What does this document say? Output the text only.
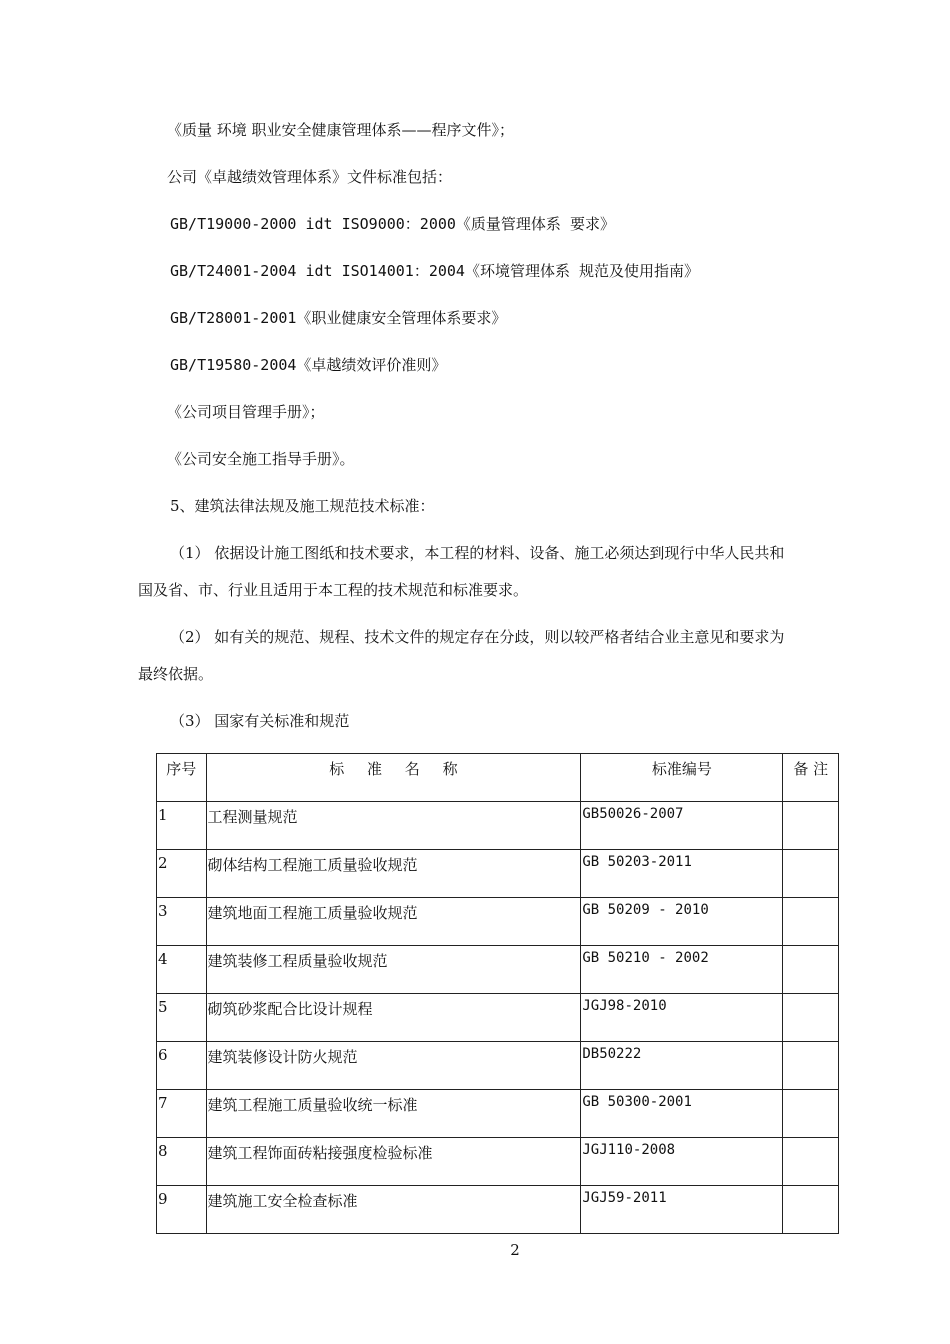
《质量 环境 职业安全健康管理体系——程序文件》；
公司《卓越绩效管理体系》文件标准包括：
GB/T19000-2000 idt ISO9000：2000《质量管理体系 要求》
GB/T24001-2004 idt ISO14001：2004《环境管理体系 规范及使用指南》
GB/T28001-2001《职业健康安全管理体系要求》
GB/T19580-2004《卓越绩效评价准则》
《公司项目管理手册》；
《公司安全施工指导手册》。
5、建筑法律法规及施工规范技术标准：
（1） 依据设计施工图纸和技术要求，本工程的材料、设备、施工必须达到现行中华人民共和
国及省、市、行业且适用于本工程的技术规范和标准要求。
（2） 如有关的规范、规程、技术文件的规定存在分歧，则以较严格者结合业主意见和要求为
最终依据。
（3） 国家有关标准和规范
序号	标 准 名 称	标准编号	备 注
1	工程测量规范	GB50026-2007	
2	砌体结构工程施工质量验收规范	GB 50203-2011	
3	建筑地面工程施工质量验收规范	GB 50209 - 2010	
4	建筑装修工程质量验收规范	GB 50210 - 2002	
5	砌筑砂浆配合比设计规程	JGJ98-2010	
6	建筑装修设计防火规范	DB50222	
7	建筑工程施工质量验收统一标准	GB 50300-2001	
8	建筑工程饰面砖粘接强度检验标准	JGJ110-2008	
9	建筑施工安全检查标准	JGJ59-2011	
2
